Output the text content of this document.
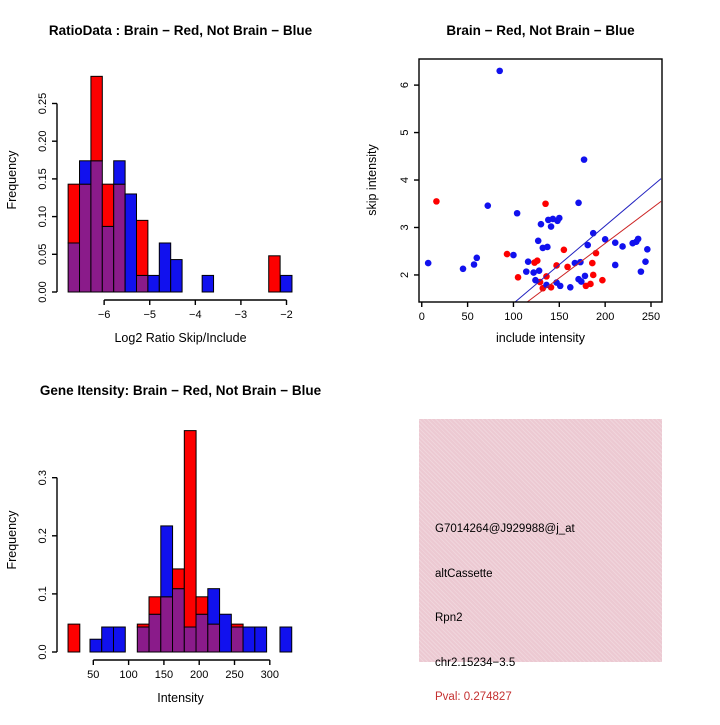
−6	−5	−4	−3	−2
0.00
0.05
0.10
0.15
0.20
0.25
RatioData : Brain − Red, Not Brain − Blue
Log2 Ratio Skip/Include
Frequency
0	50	100 150 200 250
2
3
4
5
6
Brain − Red, Not Brain − Blue
include intensity
skip intensity
50 100 150 200 250 300
0.0
0.1
0.2
0.3
Gene Itensity: Brain − Red, Not Brain − Blue
Intensity
Frequency	G7014264@J929988@j_at
altCassette
Rpn2
chr2.15234−3.5
Pval: 0.274827
